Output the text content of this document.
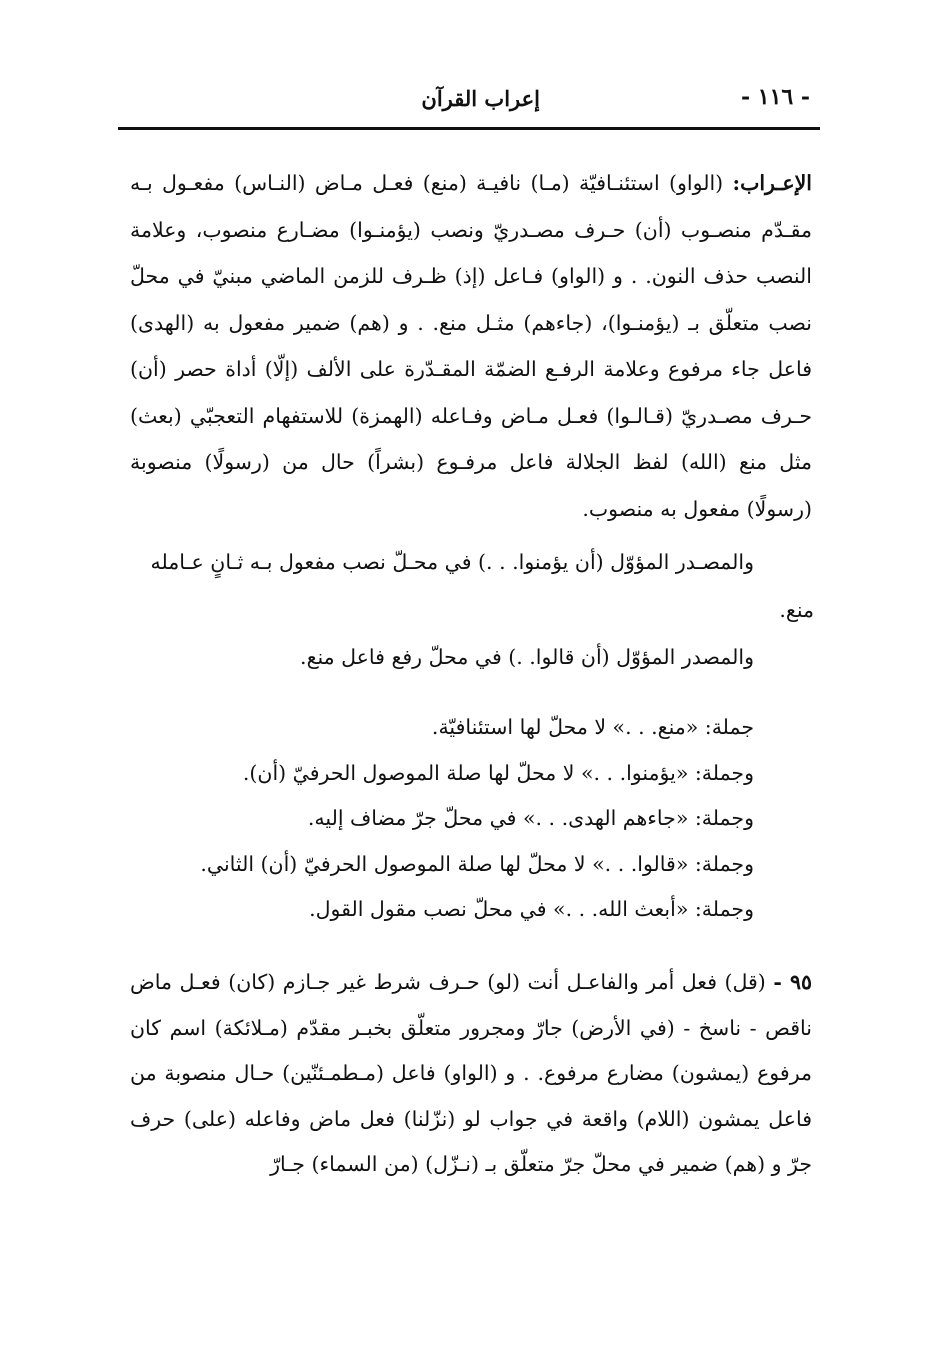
- ١١٦ -
إعراب القرآن
الإعـراب: (الواو) استئنـافيّة (مـا) نافيـة (منع) فعـل مـاض (النـاس) مفعـول بـه مقـدّم منصـوب (أن) حـرف مصـدريّ ونصب (يؤمنـوا) مضـارع منصوب، وعلامة النصب حذف النون. . و (الواو) فـاعل (إذ) ظـرف للزمن الماضي مبنيّ في محلّ نصب متعلّق بـ (يؤمنـوا)، (جاءهم) مثـل منع. . و (هم) ضمير مفعول به (الهدى) فاعل جاء مرفوع وعلامة الرفـع الضمّة المقـدّرة على الألف (إلّا) أداة حصر (أن) حـرف مصـدريّ (قـالـوا) فعـل مـاض وفـاعله (الهمزة) للاستفهام التعجبّي (بعث) مثل منع (الله) لفظ الجلالة فاعل مرفـوع (بشراً) حال من (رسولًا) منصوبة (رسولًا) مفعول به منصوب.
والمصـدر المؤوّل (أن يؤمنوا. . .) في محـلّ نصب مفعول بـه ثـانٍ عـامله
منع.
والمصدر المؤوّل (أن قالوا. .) في محلّ رفع فاعل منع.
جملة: «منع. . .» لا محلّ لها استئنافيّة.
وجملة: «يؤمنوا. . .» لا محلّ لها صلة الموصول الحرفيّ (أن).
وجملة: «جاءهم الهدى. . .» في محلّ جرّ مضاف إليه.
وجملة: «قالوا. . .» لا محلّ لها صلة الموصول الحرفيّ (أن) الثاني.
وجملة: «أبعث الله. . .» في محلّ نصب مقول القول.
٩٥ - (قل) فعل أمر والفاعـل أنت (لو) حـرف شرط غير جـازم (كان) فعـل ماض ناقص - ناسخ - (في الأرض) جارّ ومجرور متعلّق بخبـر مقدّم (مـلائكة) اسم كان مرفوع (يمشون) مضارع مرفوع. . و (الواو) فاعل (مـطمـئنّين) حـال منصوبة من فاعل يمشون (اللام) واقعة في جواب لو (نزّلنا) فعل ماض وفاعله (على) حرف جرّ و (هم) ضمير في محلّ جرّ متعلّق بـ (نـزّل) (من السماء) جـارّ
